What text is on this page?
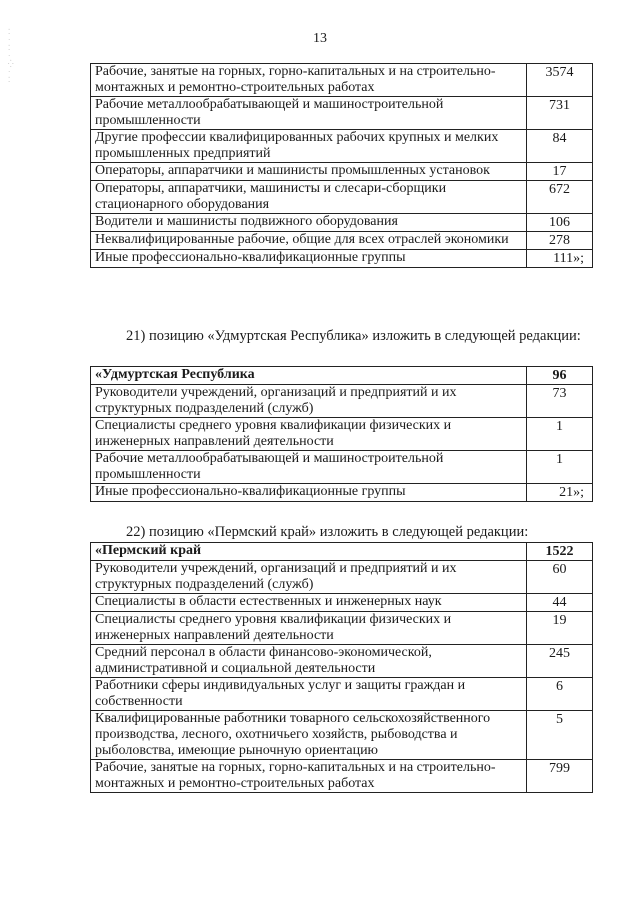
⁚
·
⁚
·
⁛
·
⁚
13
Рабочие, занятые на горных, горно-капитальных и на строительно-монтажных и ремонтно-строительных работах	3574
Рабочие металлообрабатывающей и машиностроительной промышленности	731
Другие профессии квалифицированных рабочих крупных и мелких промышленных предприятий	84
Операторы, аппаратчики и машинисты промышленных установок	17
Операторы, аппаратчики, машинисты и слесари-сборщики стационарного оборудования	672
Водители и машинисты подвижного оборудования	106
Неквалифицированные рабочие, общие для всех отраслей экономики	278
Иные профессионально-квалификационные группы	111»;
21) позицию «Удмуртская Республика» изложить в следующей редакции:
«Удмуртская Республика	96
Руководители учреждений, организаций и предприятий и их структурных подразделений (служб)	73
Специалисты среднего уровня квалификации физических и инженерных направлений деятельности	1
Рабочие металлообрабатывающей и машиностроительной промышленности	1
Иные профессионально-квалификационные группы	21»;
22) позицию «Пермский край» изложить в следующей редакции:
«Пермский край	1522
Руководители учреждений, организаций и предприятий и их структурных подразделений (служб)	60
Специалисты в области естественных и инженерных наук	44
Специалисты среднего уровня квалификации физических и инженерных направлений деятельности	19
Средний персонал в области финансово-экономической, административной и социальной деятельности	245
Работники сферы индивидуальных услуг и защиты граждан и собственности	6
Квалифицированные работники товарного сельскохозяйственного производства, лесного, охотничьего хозяйств, рыбоводства и рыболовства, имеющие рыночную ориентацию	5
Рабочие, занятые на горных, горно-капитальных и на строительно-монтажных и ремонтно-строительных работах	799
